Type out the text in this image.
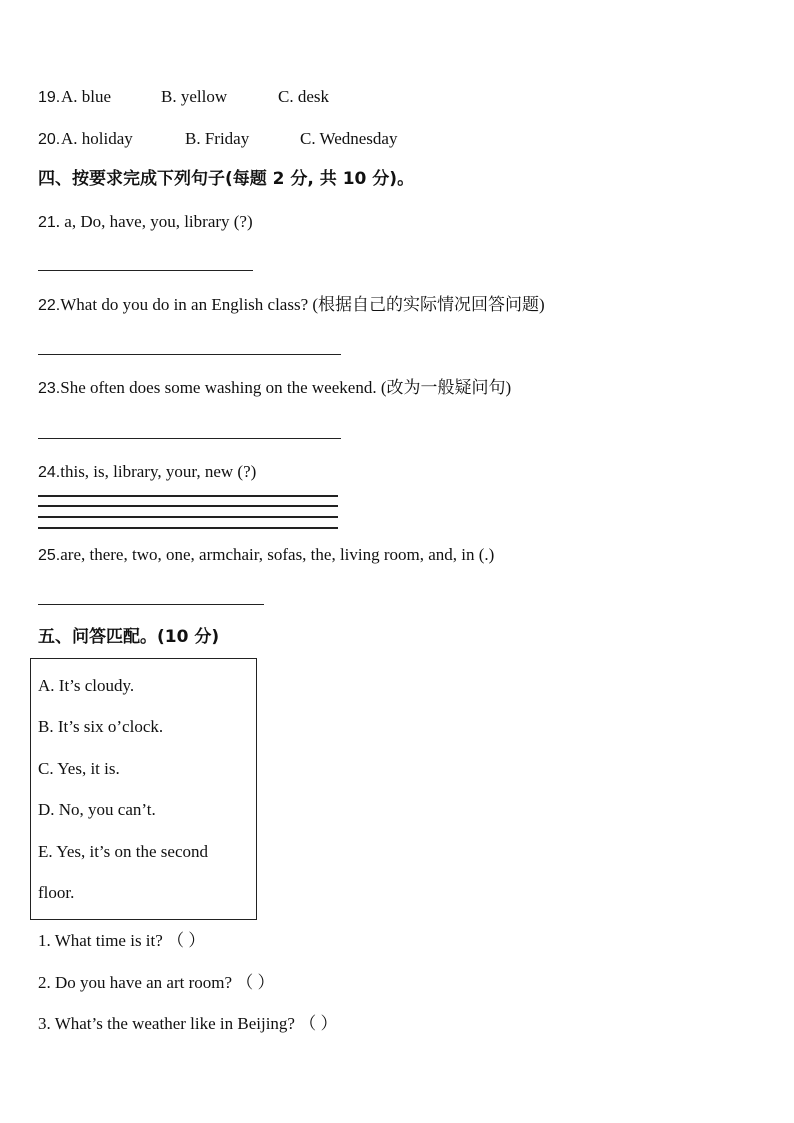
19. A. blue	B. yellow	C. desk
20. A. holiday	B. Friday	C. Wednesday
四、按要求完成下列句子(每题 2 分, 共 10 分)。
21. a, Do, have, you, library (?)
22.What do you do in an English class? (根据自己的实际情况回答问题)
23.She often does some washing on the weekend. (改为一般疑问句)
24.this, is, library, your, new (?)
25.are, there, two, one, armchair, sofas, the, living room, and, in (.)
五、问答匹配。(10 分)
A. It’s cloudy.
B. It’s six o’clock.
C. Yes, it is.
D. No, you can’t.
E. Yes, it’s on the second
floor.
1. What time is it? （ ）
2. Do you have an art room? （ ）
3. What’s the weather like in Beijing? （ ）
